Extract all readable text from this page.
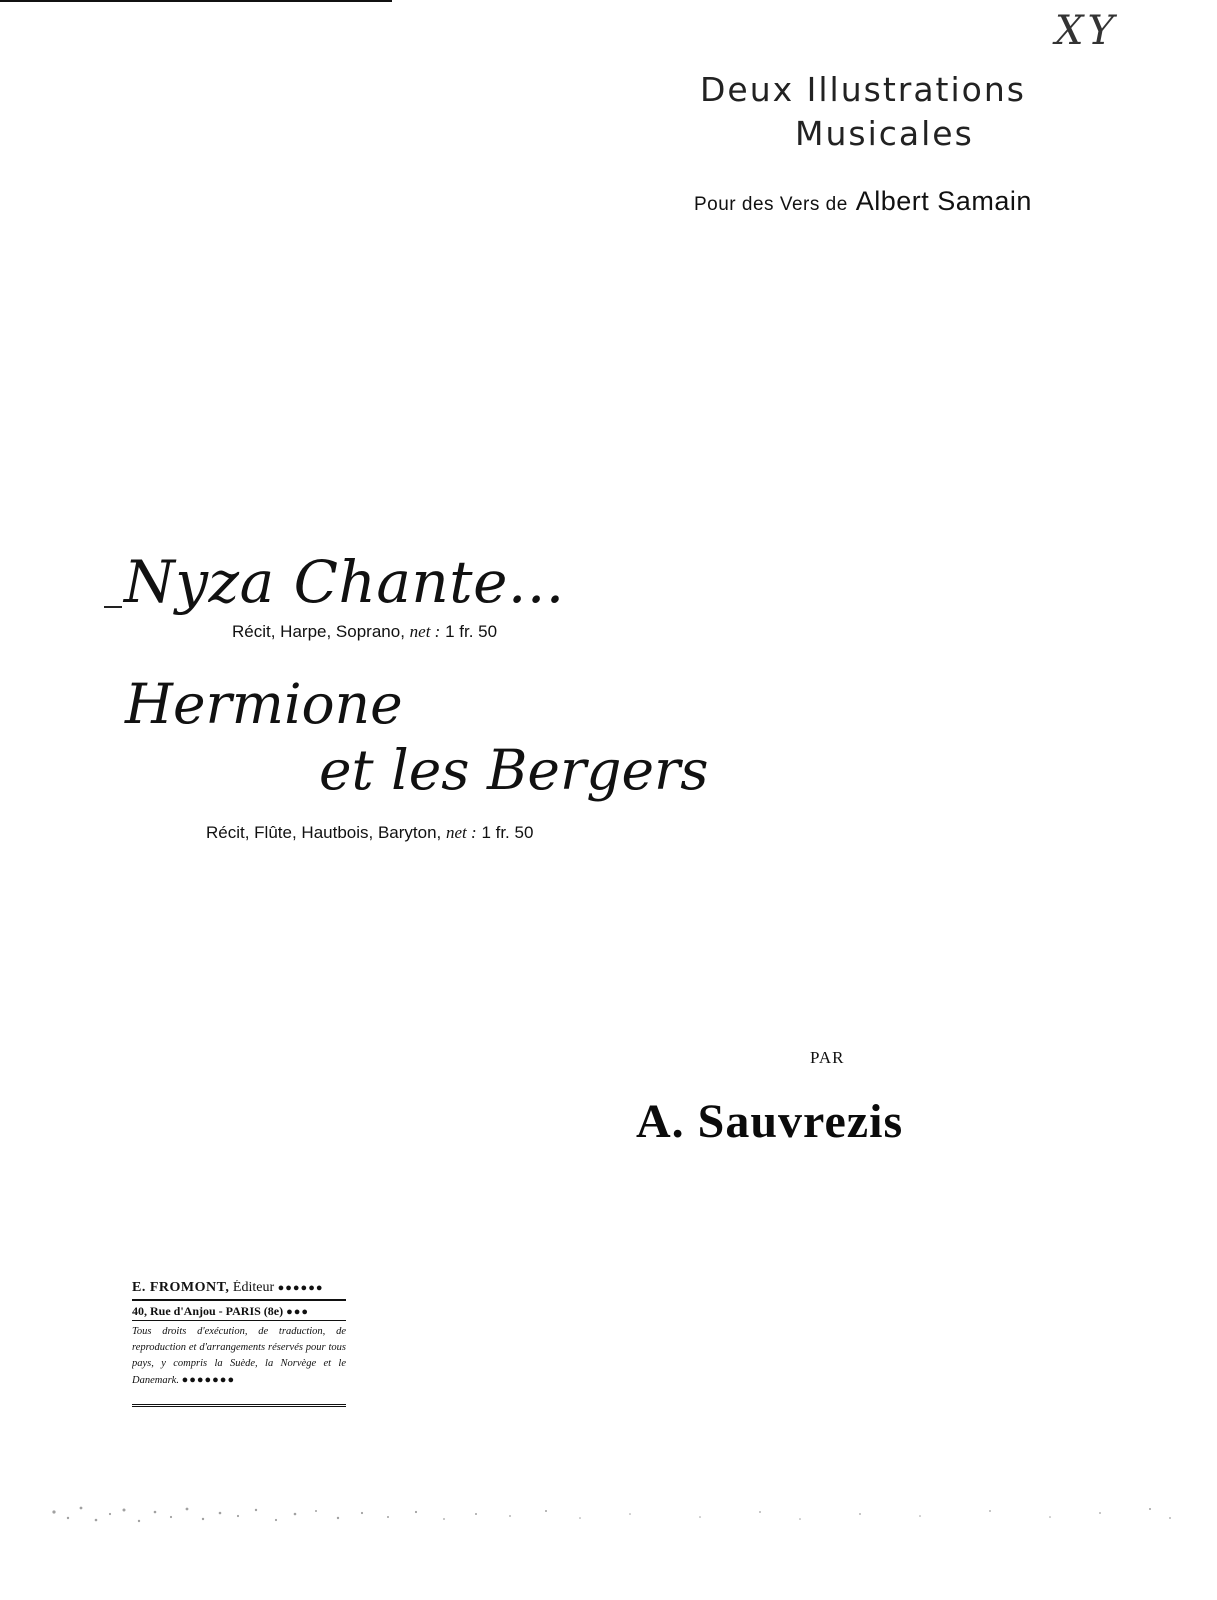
XY
Deux Illustrations
Musicales
Pour des Vers de Albert Samain
Nyza Chante...
Récit, Harpe, Soprano, net : 1 fr. 50
Hermione
et les Bergers
Récit, Flûte, Hautbois, Baryton, net : 1 fr. 50
PAR
A. Sauvrezis
E. FROMONT, Éditeur ●●●●●●
40, Rue d'Anjou - PARIS (8e) ●●●
Tous droits d'exécution, de traduction, de reproduction et d'arrangements réservés pour tous pays, y compris la Suède, la Norvège et le Danemark. ●●●●●●●
